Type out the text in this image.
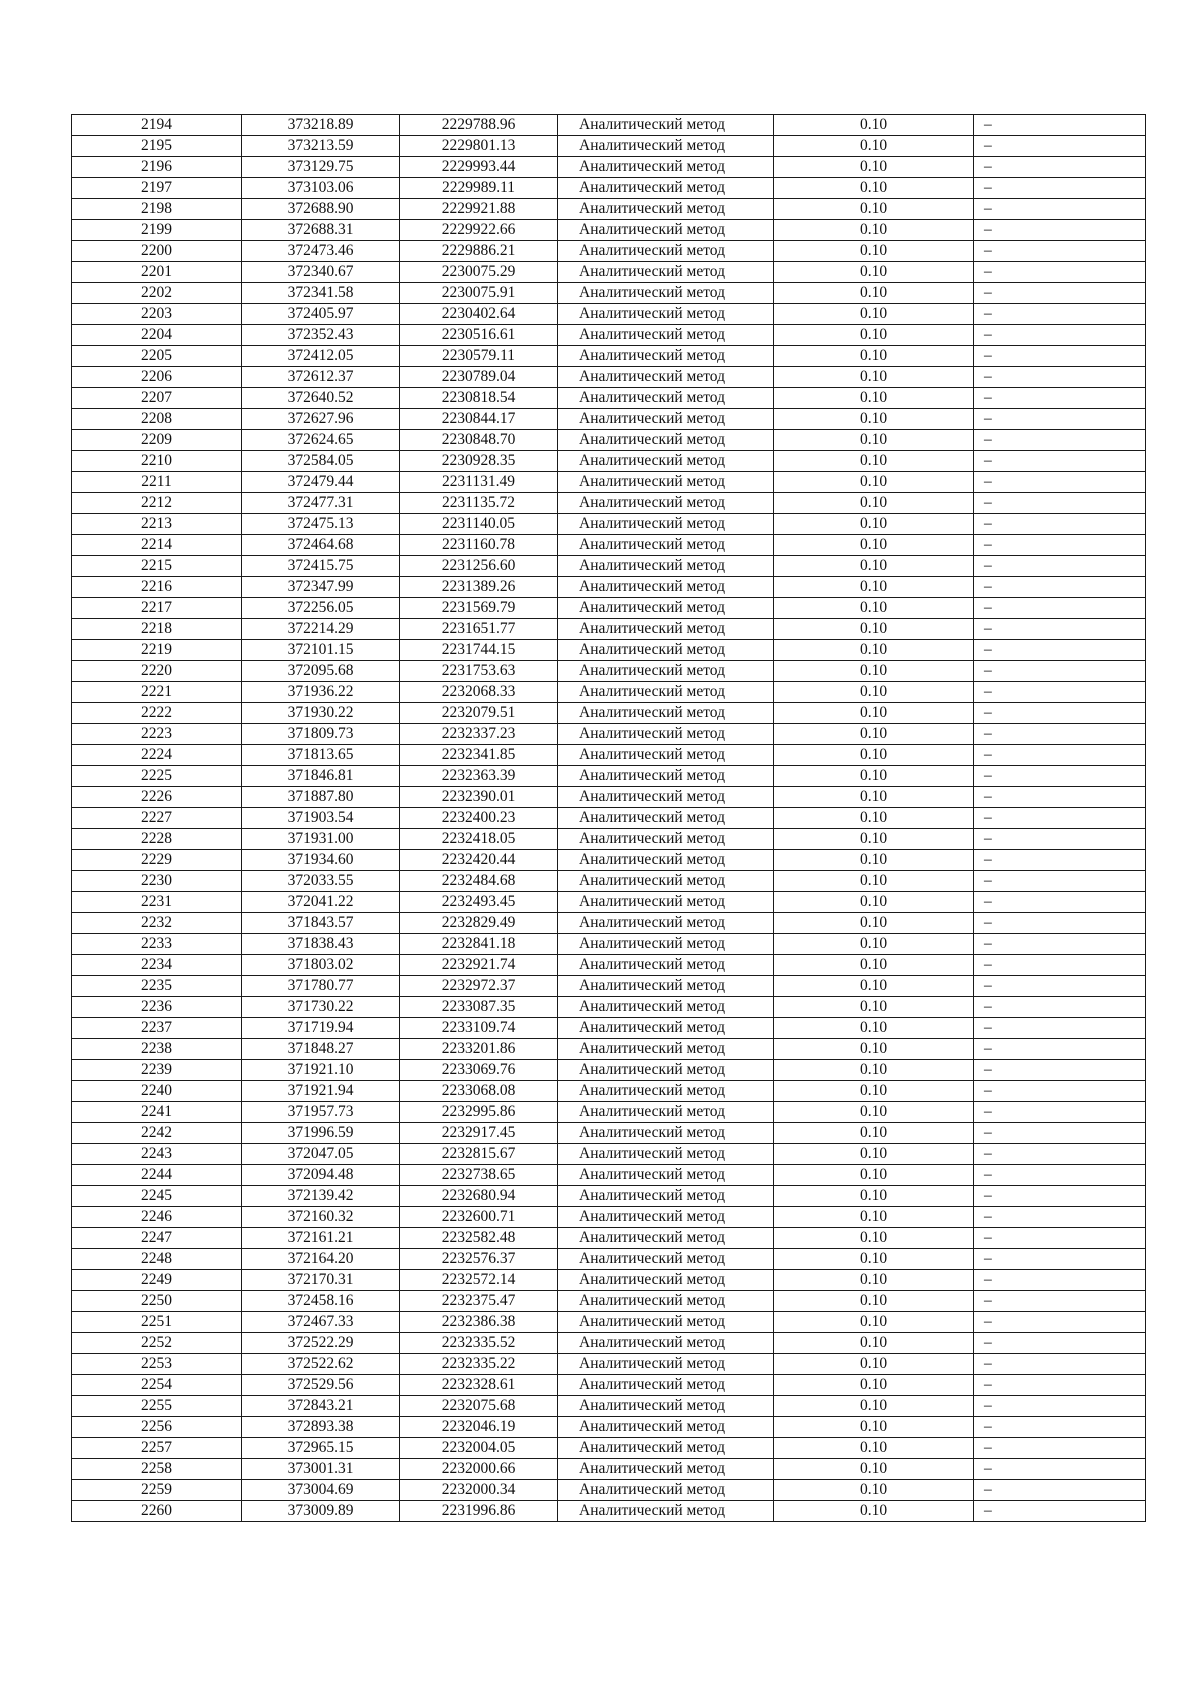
2194	373218.89	2229788.96	Аналитический метод	0.10	–
2195	373213.59	2229801.13	Аналитический метод	0.10	–
2196	373129.75	2229993.44	Аналитический метод	0.10	–
2197	373103.06	2229989.11	Аналитический метод	0.10	–
2198	372688.90	2229921.88	Аналитический метод	0.10	–
2199	372688.31	2229922.66	Аналитический метод	0.10	–
2200	372473.46	2229886.21	Аналитический метод	0.10	–
2201	372340.67	2230075.29	Аналитический метод	0.10	–
2202	372341.58	2230075.91	Аналитический метод	0.10	–
2203	372405.97	2230402.64	Аналитический метод	0.10	–
2204	372352.43	2230516.61	Аналитический метод	0.10	–
2205	372412.05	2230579.11	Аналитический метод	0.10	–
2206	372612.37	2230789.04	Аналитический метод	0.10	–
2207	372640.52	2230818.54	Аналитический метод	0.10	–
2208	372627.96	2230844.17	Аналитический метод	0.10	–
2209	372624.65	2230848.70	Аналитический метод	0.10	–
2210	372584.05	2230928.35	Аналитический метод	0.10	–
2211	372479.44	2231131.49	Аналитический метод	0.10	–
2212	372477.31	2231135.72	Аналитический метод	0.10	–
2213	372475.13	2231140.05	Аналитический метод	0.10	–
2214	372464.68	2231160.78	Аналитический метод	0.10	–
2215	372415.75	2231256.60	Аналитический метод	0.10	–
2216	372347.99	2231389.26	Аналитический метод	0.10	–
2217	372256.05	2231569.79	Аналитический метод	0.10	–
2218	372214.29	2231651.77	Аналитический метод	0.10	–
2219	372101.15	2231744.15	Аналитический метод	0.10	–
2220	372095.68	2231753.63	Аналитический метод	0.10	–
2221	371936.22	2232068.33	Аналитический метод	0.10	–
2222	371930.22	2232079.51	Аналитический метод	0.10	–
2223	371809.73	2232337.23	Аналитический метод	0.10	–
2224	371813.65	2232341.85	Аналитический метод	0.10	–
2225	371846.81	2232363.39	Аналитический метод	0.10	–
2226	371887.80	2232390.01	Аналитический метод	0.10	–
2227	371903.54	2232400.23	Аналитический метод	0.10	–
2228	371931.00	2232418.05	Аналитический метод	0.10	–
2229	371934.60	2232420.44	Аналитический метод	0.10	–
2230	372033.55	2232484.68	Аналитический метод	0.10	–
2231	372041.22	2232493.45	Аналитический метод	0.10	–
2232	371843.57	2232829.49	Аналитический метод	0.10	–
2233	371838.43	2232841.18	Аналитический метод	0.10	–
2234	371803.02	2232921.74	Аналитический метод	0.10	–
2235	371780.77	2232972.37	Аналитический метод	0.10	–
2236	371730.22	2233087.35	Аналитический метод	0.10	–
2237	371719.94	2233109.74	Аналитический метод	0.10	–
2238	371848.27	2233201.86	Аналитический метод	0.10	–
2239	371921.10	2233069.76	Аналитический метод	0.10	–
2240	371921.94	2233068.08	Аналитический метод	0.10	–
2241	371957.73	2232995.86	Аналитический метод	0.10	–
2242	371996.59	2232917.45	Аналитический метод	0.10	–
2243	372047.05	2232815.67	Аналитический метод	0.10	–
2244	372094.48	2232738.65	Аналитический метод	0.10	–
2245	372139.42	2232680.94	Аналитический метод	0.10	–
2246	372160.32	2232600.71	Аналитический метод	0.10	–
2247	372161.21	2232582.48	Аналитический метод	0.10	–
2248	372164.20	2232576.37	Аналитический метод	0.10	–
2249	372170.31	2232572.14	Аналитический метод	0.10	–
2250	372458.16	2232375.47	Аналитический метод	0.10	–
2251	372467.33	2232386.38	Аналитический метод	0.10	–
2252	372522.29	2232335.52	Аналитический метод	0.10	–
2253	372522.62	2232335.22	Аналитический метод	0.10	–
2254	372529.56	2232328.61	Аналитический метод	0.10	–
2255	372843.21	2232075.68	Аналитический метод	0.10	–
2256	372893.38	2232046.19	Аналитический метод	0.10	–
2257	372965.15	2232004.05	Аналитический метод	0.10	–
2258	373001.31	2232000.66	Аналитический метод	0.10	–
2259	373004.69	2232000.34	Аналитический метод	0.10	–
2260	373009.89	2231996.86	Аналитический метод	0.10	–
